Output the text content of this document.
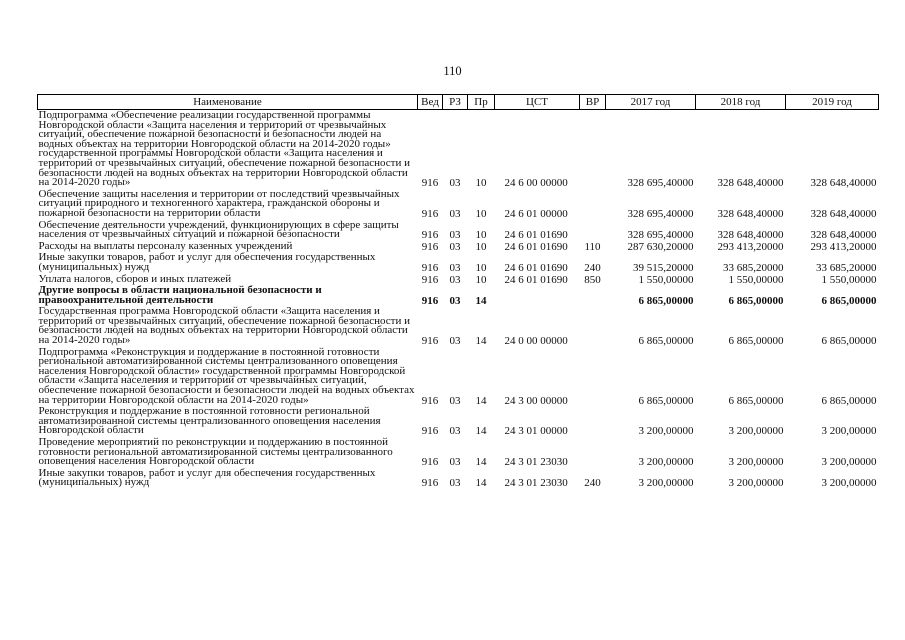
110
Наименование	Вед	РЗ	Пр	ЦСТ	ВР	2017 год	2018 год	2019 год
Подпрограмма «Обеспечение реализации государственной программы Новгородской области «Защита населения и территорий от чрезвычайных ситуаций, обеспечение пожарной безопасности и безопасности людей на водных объектах на территории Новгородской области на 2014-2020 годы» государственной программы Новгородской области «Защита населения и территорий от чрезвычайных ситуаций, обеспечение пожарной безопасности и безопасности людей на водных объектах на территории Новгородской области на 2014-2020 годы»	916	03	10	24 6 00 00000		328 695,40000	328 648,40000	328 648,40000
Обеспечение защиты населения и территории от последствий чрезвычайных ситуаций природного и техногенного характера, гражданской обороны и пожарной безопасности на территории области	916	03	10	24 6 01 00000		328 695,40000	328 648,40000	328 648,40000
Обеспечение деятельности учреждений, функционирующих в сфере защиты населения от чрезвычайных ситуаций и пожарной безопасности	916	03	10	24 6 01 01690		328 695,40000	328 648,40000	328 648,40000
Расходы на выплаты персоналу казенных учреждений	916	03	10	24 6 01 01690	110	287 630,20000	293 413,20000	293 413,20000
Иные закупки товаров, работ и услуг для обеспечения государственных (муниципальных) нужд	916	03	10	24 6 01 01690	240	39 515,20000	33 685,20000	33 685,20000
Уплата налогов, сборов и иных платежей	916	03	10	24 6 01 01690	850	1 550,00000	1 550,00000	1 550,00000
Другие вопросы в области национальной безопасности и правоохранительной деятельности	916	03	14			6 865,00000	6 865,00000	6 865,00000
Государственная программа Новгородской области «Защита населения и территорий от чрезвычайных ситуаций, обеспечение пожарной безопасности и безопасности людей на водных объектах на территории Новгородской области на 2014-2020 годы»	916	03	14	24 0 00 00000		6 865,00000	6 865,00000	6 865,00000
Подпрограмма «Реконструкция и поддержание в постоянной готовности региональной автоматизированной системы централизованного оповещения населения Новгородской области» государственной программы Новгородской области «Защита населения и территорий от чрезвычайных ситуаций, обеспечение пожарной безопасности и безопасности людей на водных объектах на территории Новгородской области на 2014-2020 годы»	916	03	14	24 3 00 00000		6 865,00000	6 865,00000	6 865,00000
Реконструкция и поддержание в постоянной готовности региональной автоматизированной системы централизованного оповещения населения Новгородской области	916	03	14	24 3 01 00000		3 200,00000	3 200,00000	3 200,00000
Проведение мероприятий по реконструкции и поддержанию в постоянной готовности региональной автоматизированной системы централизованного оповещения населения Новгородской области	916	03	14	24 3 01 23030		3 200,00000	3 200,00000	3 200,00000
Иные закупки товаров, работ и услуг для обеспечения государственных (муниципальных) нужд	916	03	14	24 3 01 23030	240	3 200,00000	3 200,00000	3 200,00000
